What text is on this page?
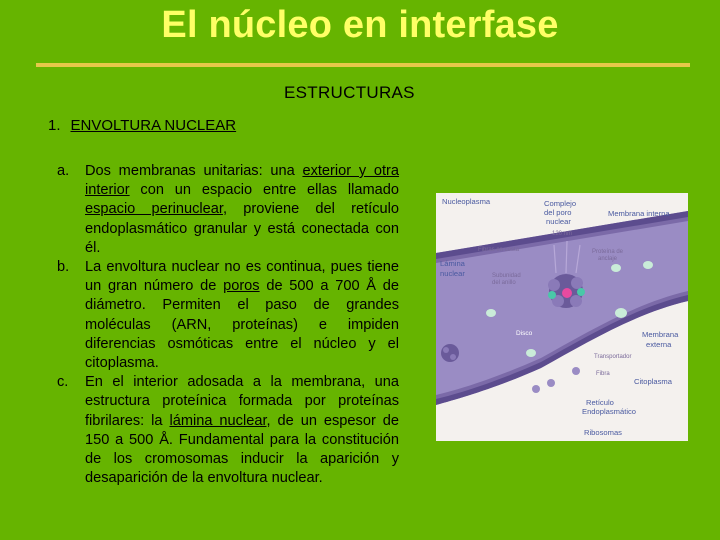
El núcleo en interfase
ESTRUCTURAS
1. ENVOLTURA NUCLEAR
a. Dos membranas unitarias: una exterior y otra interior con un espacio entre ellas llamado espacio perinuclear, proviene del retículo endoplasmático granular y está conectada con él.
b. La envoltura nuclear no es continua, pues tiene un gran número de poros de 500 a 700 Å de diámetro. Permiten el paso de grandes moléculas (ARN, proteínas) e impiden diferencias osmóticas entre el núcleo y el citoplasma.
c. En el interior adosada a la membrana, una estructura proteínica formada por proteínas fibrilares: la lámina nuclear, de un espesor de 150 a 500 Å. Fundamental para la constitución de los cromosomas inducir la aparición y desaparición de la envoltura nuclear.
Nucleoplasma	Complejo
del poro
nuclear
120 nm
Membrana interna
Fibras en cesta	Proteína de
anclaje
Lámina
nuclear	Subunidad
del anillo
Disco	Membrana
externa
Transportador
Fibra
Citoplasma
Retículo
Endoplasmático
Ribosomas
